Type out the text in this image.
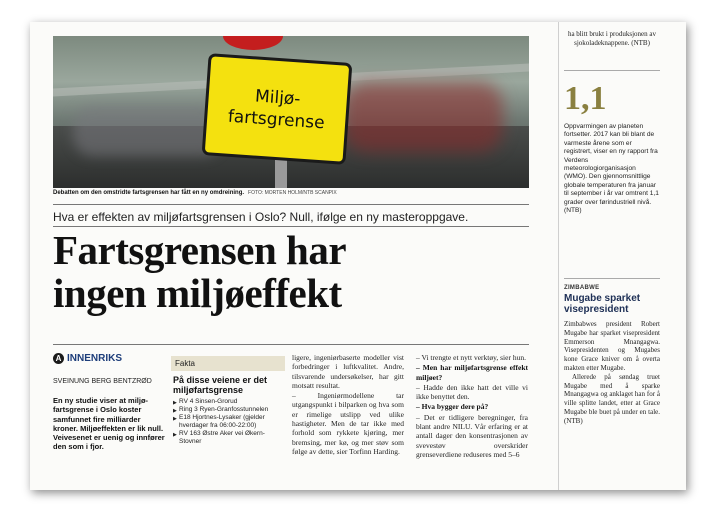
Miljø-
fartsgrense
Debatten om den omstridte fartsgrensen har fått en ny omdreining. FOTO: MORTEN HOLM/NTB SCANPIX
Hva er effekten av miljøfartsgrensen i Oslo? Null, ifølge en ny masteroppgave.
Fartsgrensen har
ingen miljøeffekt
A INNENRIKS
SVEINUNG BERG BENTZRØD
En ny studie viser at miljø-fartsgrense i Oslo koster samfunnet fire milliarder kroner. Miljøeffekten er lik null. Veivesenet er uenig og innfører den som i fjor.
Fakta
På disse veiene er det miljøfartsgrense
▶ RV 4 Sinsen-Grorud
▶ Ring 3 Ryen-Granfosstunnelen
▶ E18 Hjortnes-Lysaker (gjelder hverdager fra 06:00-22:00)
▶ RV 163 Østre Aker vei Økern-Stovner

ligere, ingeniørbaserte modeller vist forbedringer i luftkvalitet. Andre, tilsvarende undersøkelser, har gitt motsatt resultat.

– Ingeniørmodellene tar utgangspunkt i bilparken og hva som er rimelige utslipp ved ulike hastigheter. Men de tar ikke med forhold som rykkete kjøring, mer bremsing, mer kø, og mer støv som følge av dette, sier Torfinn Harding.

– Vi trengte et nytt verktøy, sier hun.

– Men har miljøfartsgrense effekt miljøet?

– Hadde den ikke hatt det ville vi ikke benyttet den.

– Hva bygger dere på?

– Det er tidligere beregninger, fra blant andre NILU. Vår erfaring er at antall dager den konsentrasjonen av svevestøv overskrider grenseverdiene reduseres med 5–6

ha blitt brukt i produksjonen av sjokoladeknappene. (NTB)
1,1
Oppvarmingen av planeten fortsetter. 2017 kan bli blant de varmeste årene som er registrert, viser en ny rapport fra Verdens meteorologiorganisasjon (WMO). Den gjennomsnittlige globale temperaturen fra januar til september i år var omtrent 1,1 grader over førindustriell nivå. (NTB)
ZIMBABWE
Mugabe sparket visepresident

Zimbabwes president Robert Mugabe har sparket visepresident Emmerson Mnangagwa. Visepresidenten og Mugabes kone Grace kniver om å overta makten etter Mugabe.

Allerede på søndag truet Mugabe med å sparke Mnangagwa og anklaget han for å ville splitte landet, etter at Grace Mugabe ble buet på under en tale. (NTB)
